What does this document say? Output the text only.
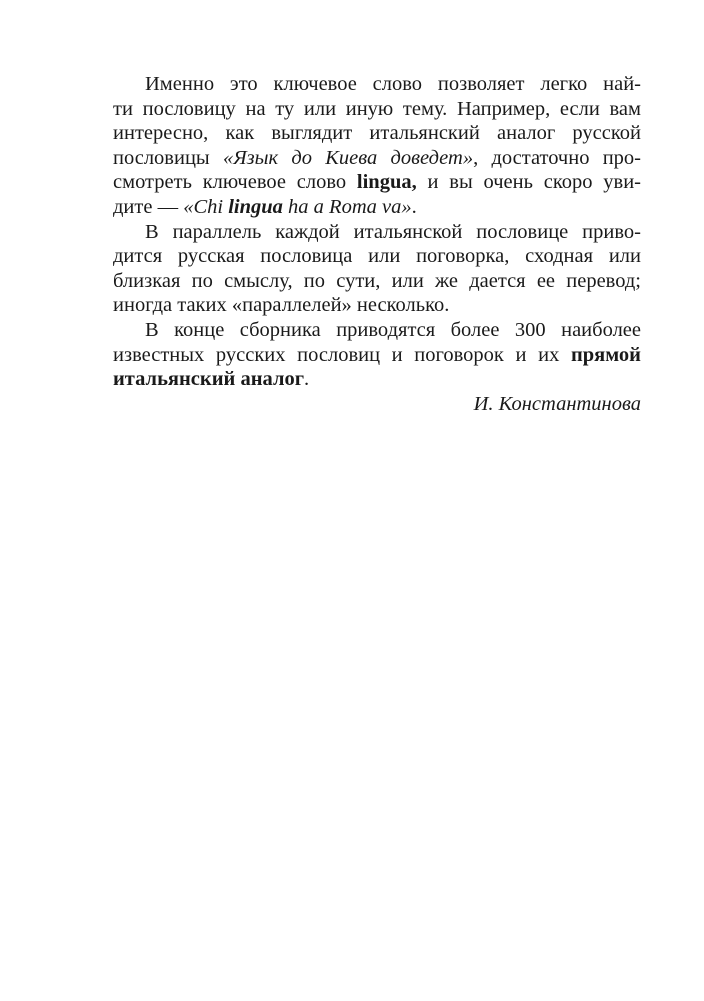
Именно это ключевое слово позволяет легко най-
ти пословицу на ту или иную тему. Например, если вам
интересно, как выглядит итальянский аналог русской
пословицы «Язык до Киева доведет», достаточно про-
смотреть ключевое слово lingua, и вы очень скоро уви-
дите — «Chi lingua ha a Roma va».
В параллель каждой итальянской пословице приво-
дится русская пословица или поговорка, сходная или
близкая по смыслу, по сути, или же дается ее перевод;
иногда таких «параллелей» несколько.
В конце сборника приводятся более 300 наиболее
известных русских пословиц и поговорок и их прямой
итальянский аналог.
И. Константинова
